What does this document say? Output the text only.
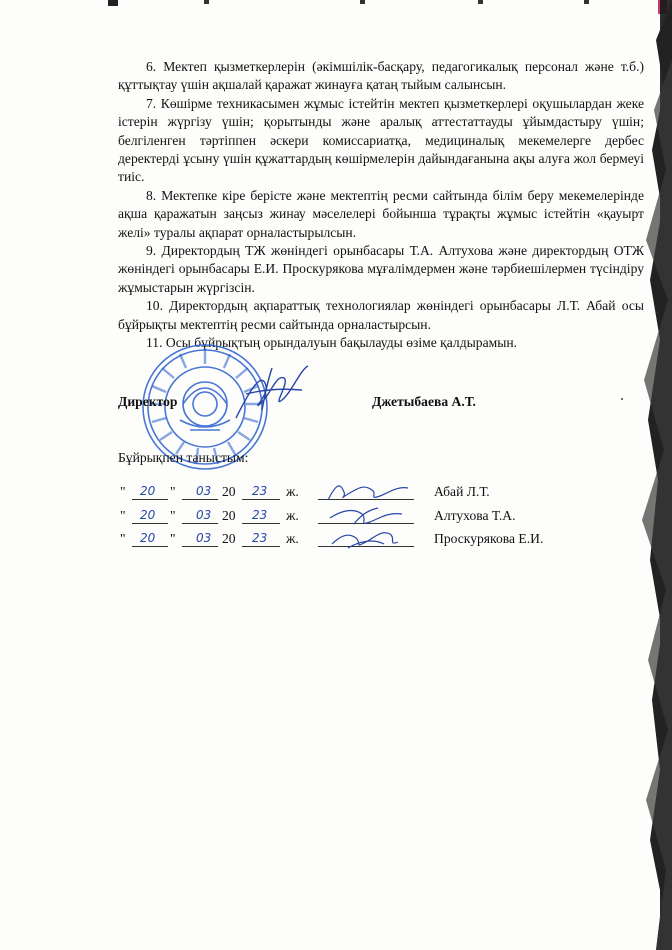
6. Мектеп қызметкерлерін (әкімшілік-басқару, педагогикалық персонал және т.б.) құттықтау үшін ақшалай қаражат жинауға қатаң тыйым салынсын.

7. Көшірме техникасымен жұмыс істейтін мектеп қызметкерлері оқушылардан жеке істерін жүргізу үшін; қорытынды және аралық аттестаттауды ұйымдастыру үшін; белгіленген тәртіппен әскери комиссариатқа, медициналық мекемелерге дербес деректерді ұсыну үшін құжаттардың көшірмелерін дайындағанына ақы алуға жол бермеуі тиіс.

8. Мектепке кіре берісте және мектептің ресми сайтында білім беру мекемелерінде ақша қаражатын заңсыз жинау мәселелері бойынша тұрақты жұмыс істейтін «қауырт желі» туралы ақпарат орналастырылсын.

9. Директордың ТЖ жөніндегі орынбасары Т.А. Алтухова және директордың ОТЖ жөніндегі орынбасары Е.И. Проскурякова мұғалімдермен және тәрбиешілермен түсіндіру жұмыстарын жүргізсін.

10. Директордың ақпараттық технологиялар жөніндегі орынбасары Л.Т. Абай осы бұйрықты мектептің ресми сайтында орналастырсын.

11. Осы бұйрықтың орындалуын бақылауды өзіме қалдырамын.

Директор	Джетыбаева А.Т.
Бұйрықпен таныстым:
" 20 " 03 20 23 ж.	Абай Л.Т.
" 20 " 03 20 23 ж.	Алтухова Т.А.
" 20 " 03 20 23 ж.	Проскурякова Е.И.
